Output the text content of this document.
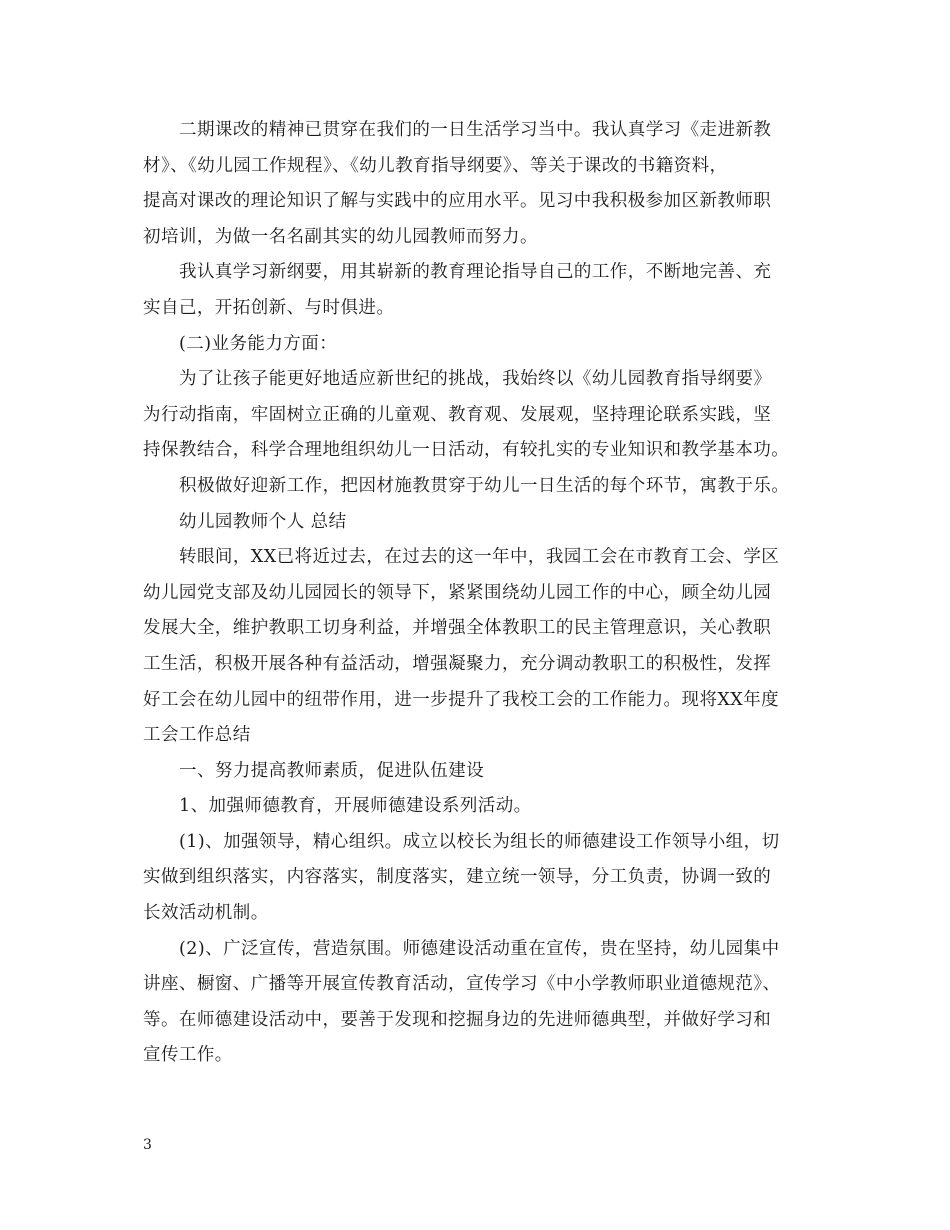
二期课改的精神已贯穿在我们的一日生活学习当中。我认真学习《走进新教
材》、《幼儿园工作规程》、《幼儿教育指导纲要》、等关于课改的书籍资料，
提高对课改的理论知识了解与实践中的应用水平。见习中我积极参加区新教师职
初培训，为做一名名副其实的幼儿园教师而努力。
我认真学习新纲要，用其崭新的教育理论指导自己的工作，不断地完善、充
实自己，开拓创新、与时俱进。
(二)业务能力方面：
为了让孩子能更好地适应新世纪的挑战，我始终以《幼儿园教育指导纲要》
为行动指南，牢固树立正确的儿童观、教育观、发展观，坚持理论联系实践，坚
持保教结合，科学合理地组织幼儿一日活动，有较扎实的专业知识和教学基本功。
积极做好迎新工作，把因材施教贯穿于幼儿一日生活的每个环节，寓教于乐。
幼儿园教师个人 总结
转眼间，XX已将近过去，在过去的这一年中，我园工会在市教育工会、学区
幼儿园党支部及幼儿园园长的领导下，紧紧围绕幼儿园工作的中心，顾全幼儿园
发展大全，维护教职工切身利益，并增强全体教职工的民主管理意识，关心教职
工生活，积极开展各种有益活动，增强凝聚力，充分调动教职工的积极性，发挥
好工会在幼儿园中的纽带作用，进一步提升了我校工会的工作能力。现将XX年度
工会工作总结
一、努力提高教师素质，促进队伍建设
1、加强师德教育，开展师德建设系列活动。
(1)、加强领导，精心组织。成立以校长为组长的师德建设工作领导小组，切
实做到组织落实，内容落实，制度落实，建立统一领导，分工负责，协调一致的
长效活动机制。
(2)、广泛宣传，营造氛围。师德建设活动重在宣传，贵在坚持，幼儿园集中
讲座、橱窗、广播等开展宣传教育活动，宣传学习《中小学教师职业道德规范》、
等。在师德建设活动中，要善于发现和挖掘身边的先进师德典型，并做好学习和
宣传工作。
3
